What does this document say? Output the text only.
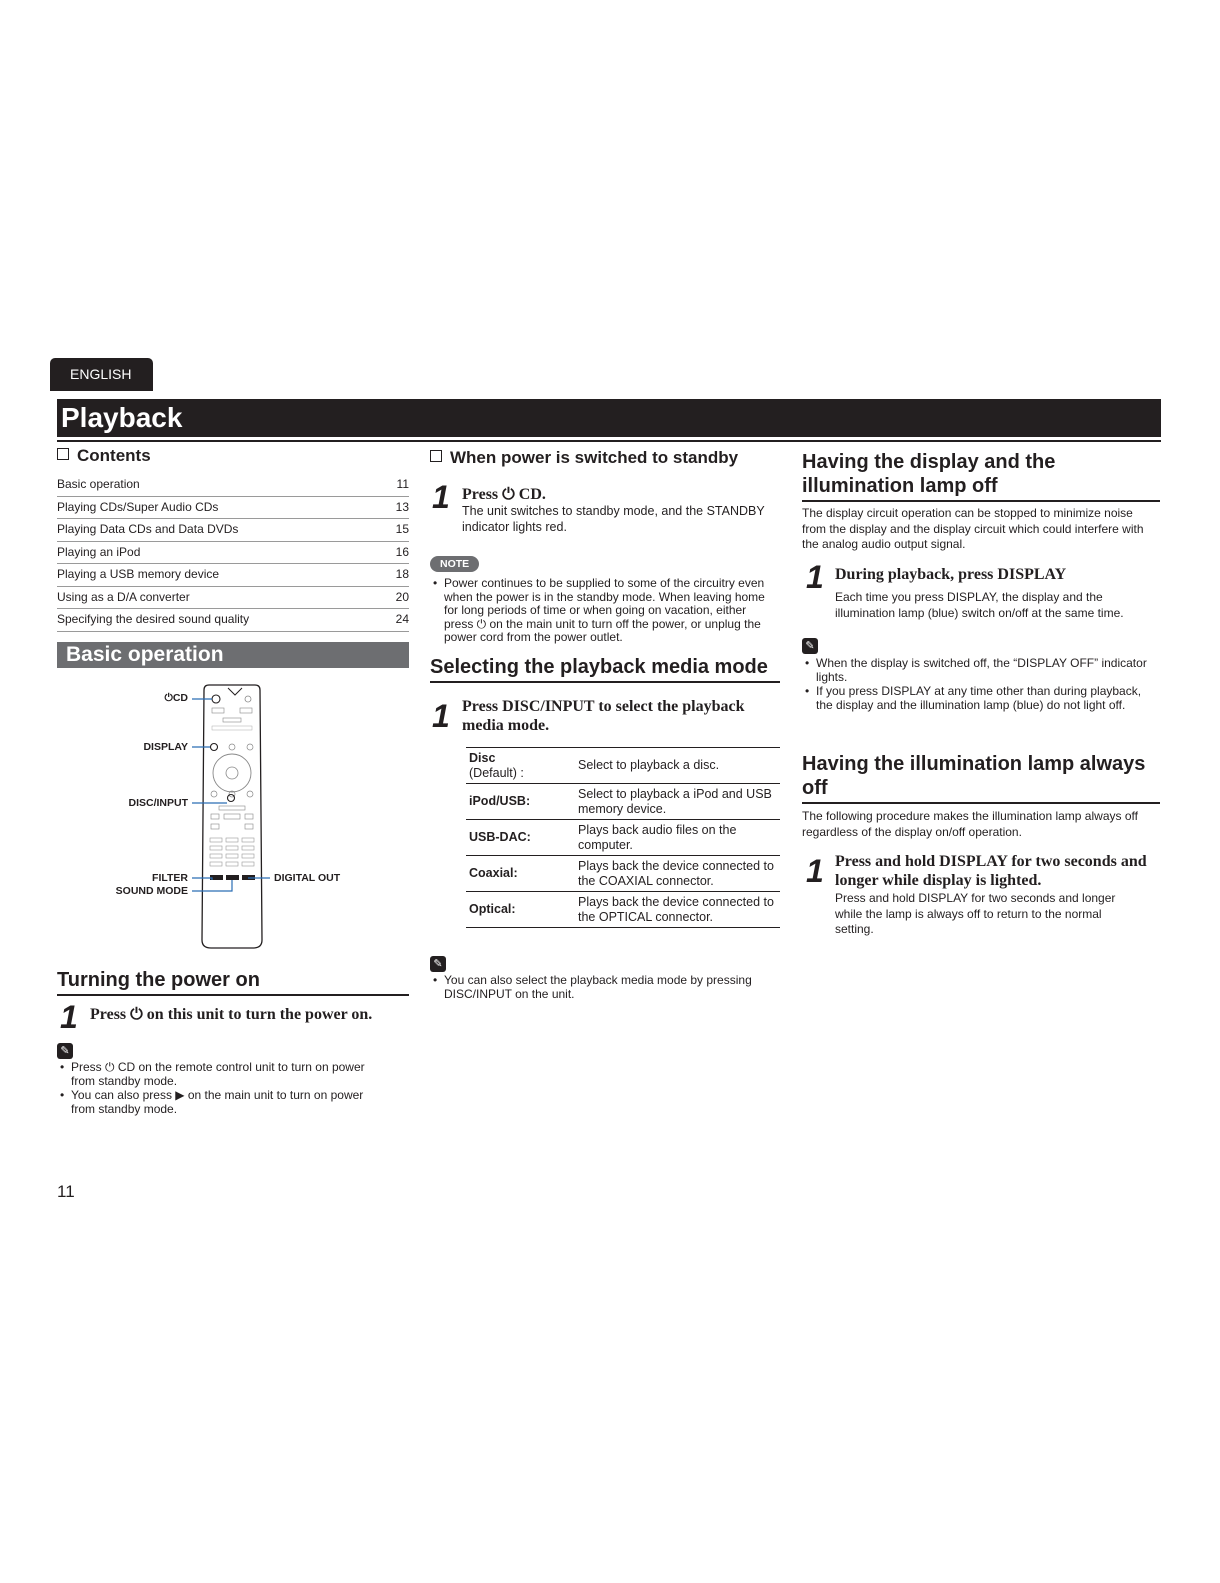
ENGLISH
Playback
Contents
Basic operation	11
Playing CDs/Super Audio CDs	13
Playing Data CDs and Data DVDs	15
Playing an iPod	16
Playing a USB memory device	18
Using as a D/A converter	20
Specifying the desired sound quality	24
Basic operation
⏻CD
DISPLAY
DISC/INPUT
FILTER
SOUND MODE
DIGITAL OUT
Turning the power on
1 Press ⏻ on this unit to turn the power on.
✎
• Press ⏻ CD on the remote control unit to turn on power from standby mode.
• You can also press ▶ on the main unit to turn on power from standby mode.
11
When power is switched to standby
1 Press ⏻ CD.
The unit switches to standby mode, and the STANDBY indicator lights red.
NOTE
• Power continues to be supplied to some of the circuitry even when the power is in the standby mode. When leaving home for long periods of time or when going on vacation, either press ⏻ on the main unit to turn off the power, or unplug the power cord from the power outlet.
Selecting the playback media mode
1 Press DISC/INPUT to select the playback media mode.
Disc
(Default) :	Select to playback a disc.
iPod/USB:	Select to playback a iPod and USB memory device.
USB-DAC:	Plays back audio files on the computer.
Coaxial:	Plays back the device connected to the COAXIAL connector.
Optical:	Plays back the device connected to the OPTICAL connector.
✎
• You can also select the playback media mode by pressing DISC/INPUT on the unit.
Having the display and the illumination lamp off
The display circuit operation can be stopped to minimize noise from the display and the display circuit which could interfere with the analog audio output signal.
1 During playback, press DISPLAY
Each time you press DISPLAY, the display and the illumination lamp (blue) switch on/off at the same time.
✎
• When the display is switched off, the “DISPLAY OFF” indicator lights.
• If you press DISPLAY at any time other than during playback, the display and the illumination lamp (blue) do not light off.
Having the illumination lamp always off
The following procedure makes the illumination lamp always off regardless of the display on/off operation.
1 Press and hold DISPLAY for two seconds and longer while display is lighted.
Press and hold DISPLAY for two seconds and longer while the lamp is always off to return to the normal setting.
